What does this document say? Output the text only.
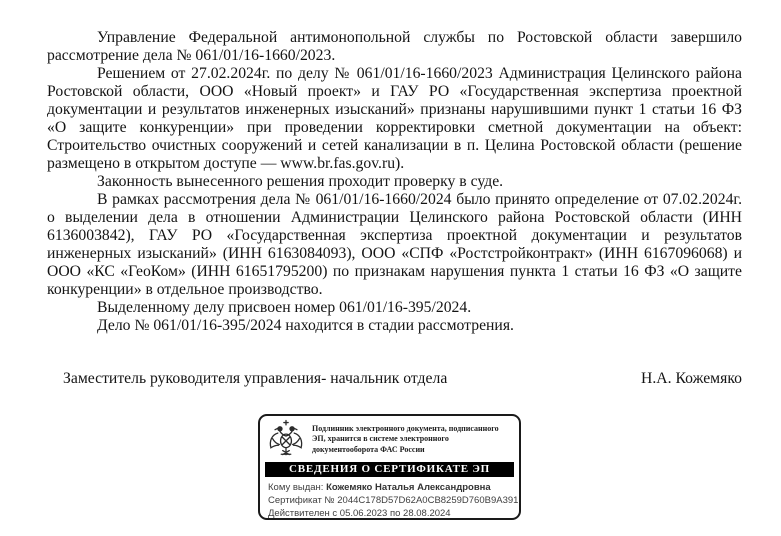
Управление Федеральной антимонопольной службы по Ростовской области завершило рассмотрение дела № 061/01/16-1660/2023.

Решением от 27.02.2024г. по делу № 061/01/16-1660/2023 Администрация Целинского района Ростовской области, ООО «Новый проект» и ГАУ РО «Государственная экспертиза проектной документации и результатов инженерных изысканий» признаны нарушившими пункт 1 статьи 16 ФЗ «О защите конкуренции» при проведении корректировки сметной документации на объект: Строительство очистных сооружений и сетей канализации в п. Целина Ростовской области (решение размещено в открытом доступе — www.br.fas.gov.ru).

Законность вынесенного решения проходит проверку в суде.

В рамках рассмотрения дела № 061/01/16-1660/2024 было принято определение от 07.02.2024г. о выделении дела в отношении Администрации Целинского района Ростовской области (ИНН 6136003842), ГАУ РО «Государственная экспертиза проектной документации и результатов инженерных изысканий» (ИНН 6163084093), ООО «СПФ «Ростстройконтракт» (ИНН 6167096068) и ООО «КС «ГеоКом» (ИНН 61651795200) по признакам нарушения пункта 1 статьи 16 ФЗ «О защите конкуренции» в отдельное производство.

Выделенному делу присвоен номер 061/01/16-395/2024.

Дело № 061/01/16-395/2024 находится в стадии рассмотрения.

Заместитель руководителя управления- начальник отдела	Н.А. Кожемяко
Подлинник электронного документа, подписанного ЭП, хранится в системе электронного документооборота ФАС России
СВЕДЕНИЯ О СЕРТИФИКАТЕ ЭП
Кому выдан: Кожемяко Наталья Александровна
Сертификат № 2044C178D57D62A0CB8259D760B9A391
Действителен с 05.06.2023 по 28.08.2024
